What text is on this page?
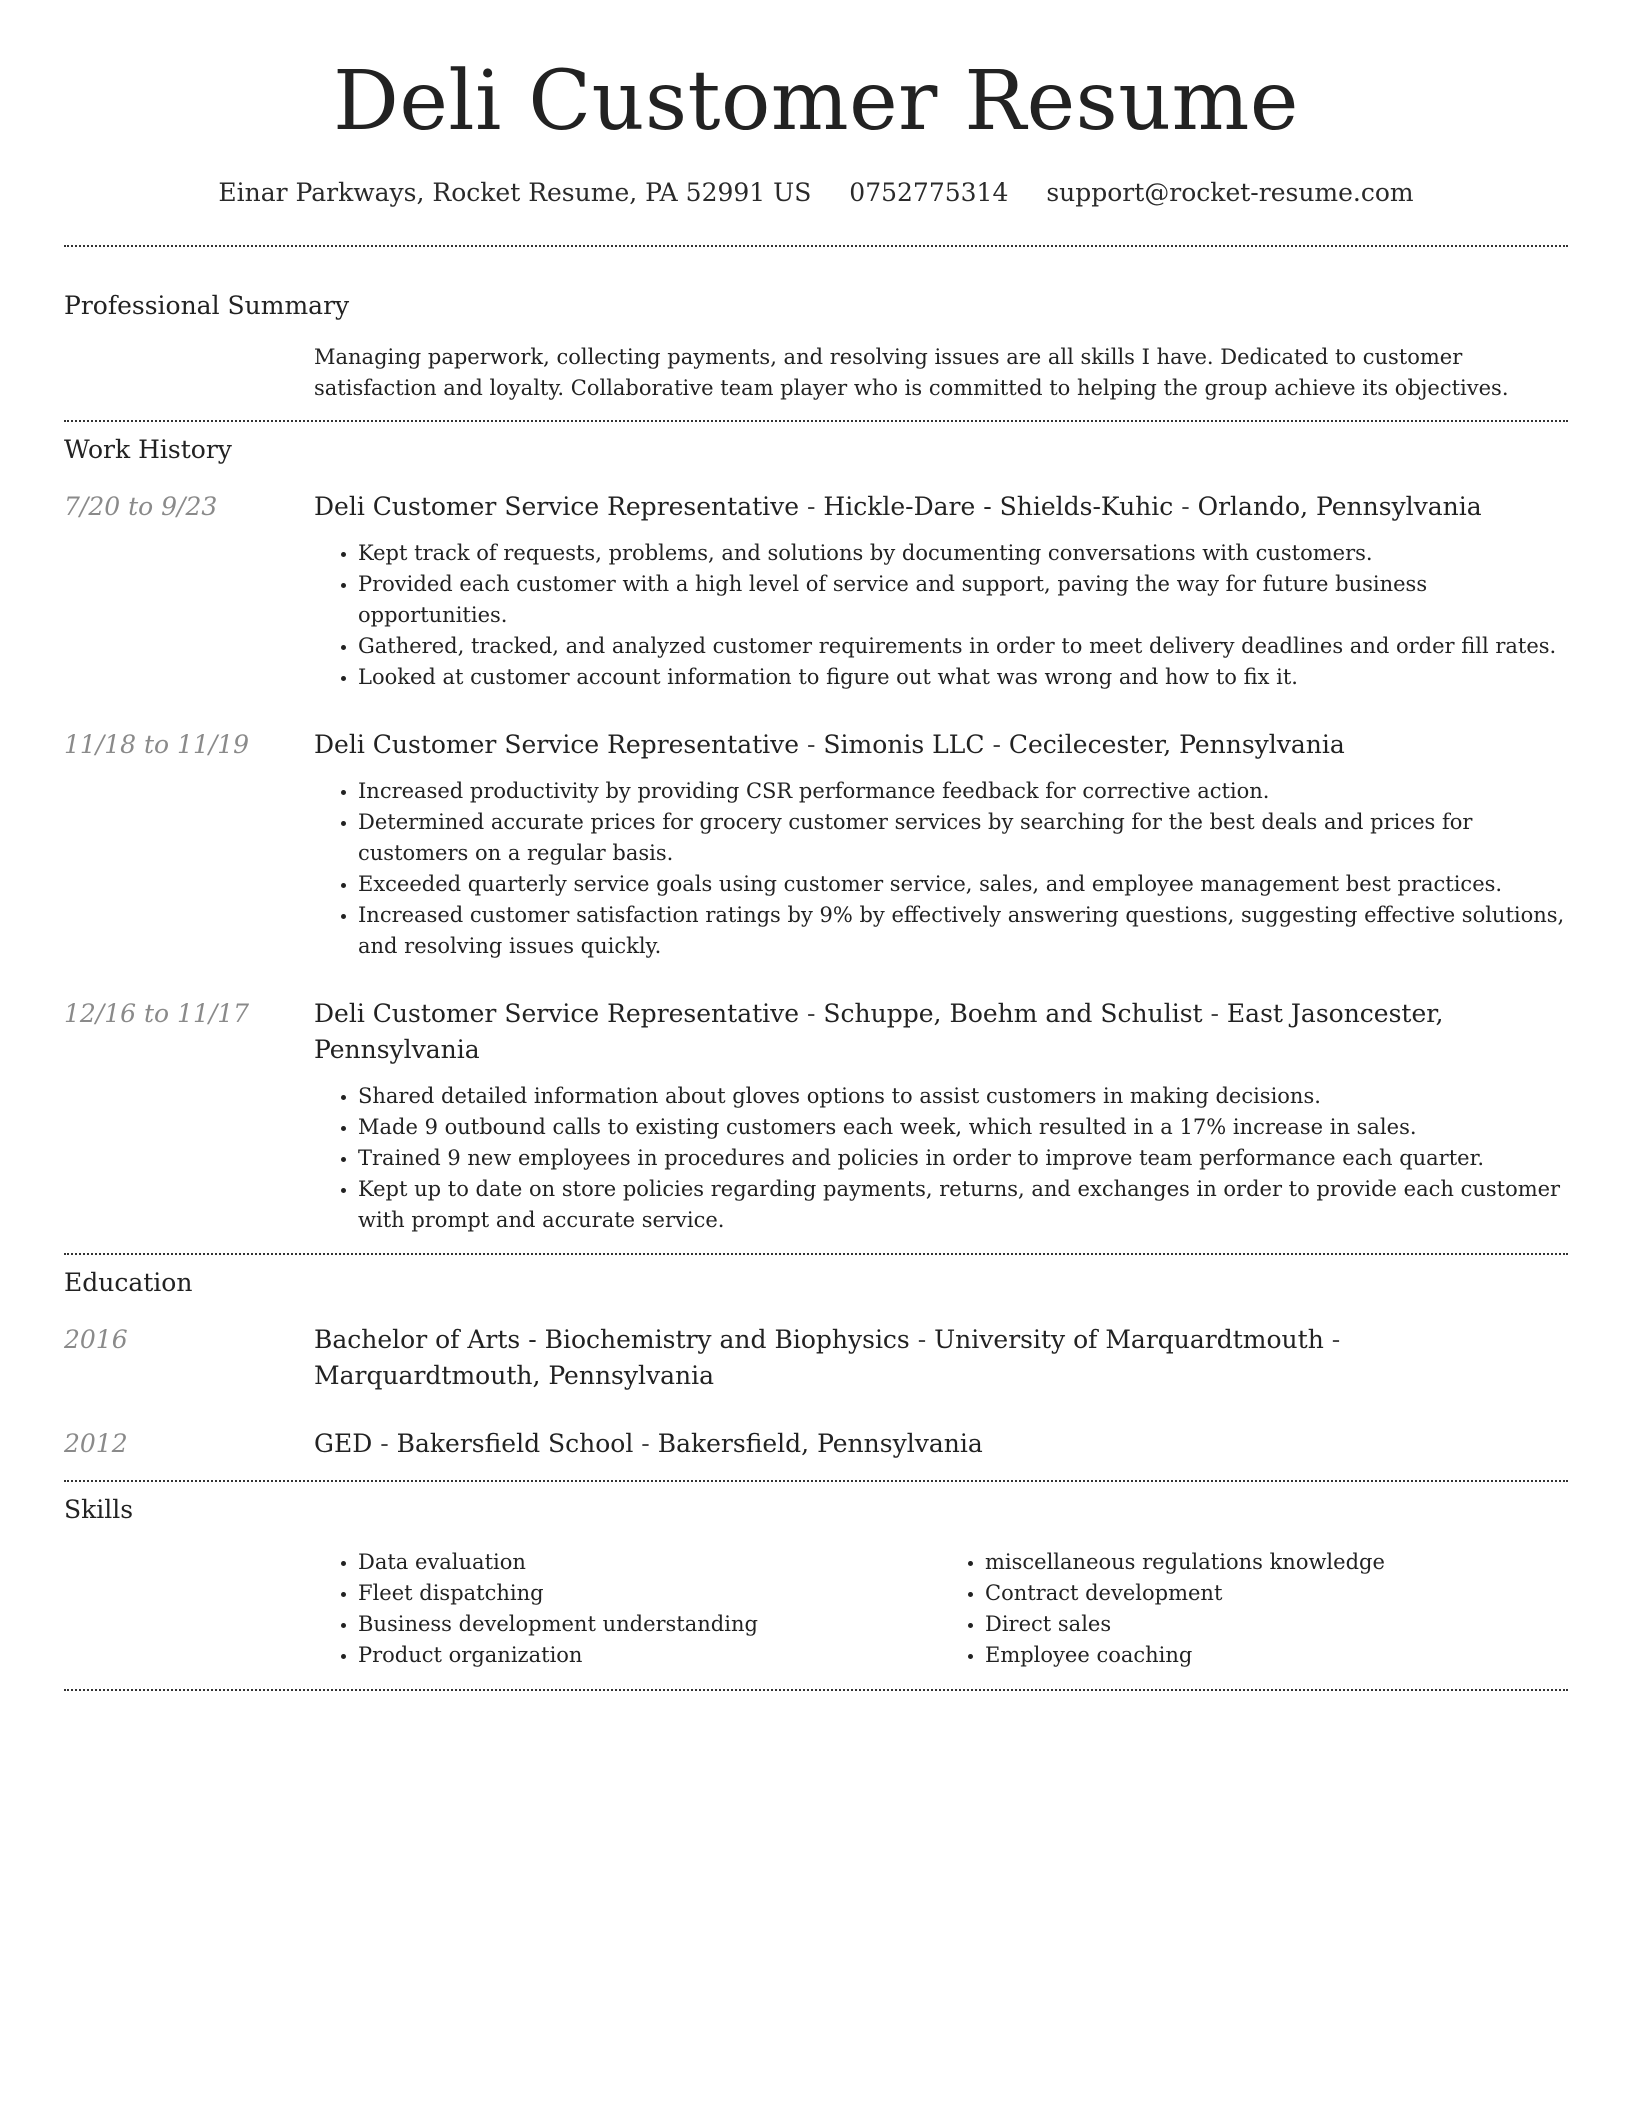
Deli Customer Resume
Einar Parkways, Rocket Resume, PA 52991 US 0752775314 support@rocket-resume.com
Professional Summary
Managing paperwork, collecting payments, and resolving issues are all skills I have. Dedicated to customer satisfaction and loyalty. Collaborative team player who is committed to helping the group achieve its objectives.
Work History
7/20 to 9/23	Deli Customer Service Representative - Hickle-Dare - Shields-Kuhic - Orlando, Pennsylvania
• Kept track of requests, problems, and solutions by documenting conversations with customers.
• Provided each customer with a high level of service and support, paving the way for future business opportunities.
• Gathered, tracked, and analyzed customer requirements in order to meet delivery deadlines and order fill rates.
• Looked at customer account information to figure out what was wrong and how to fix it.
11/18 to 11/19	Deli Customer Service Representative - Simonis LLC - Cecilecester, Pennsylvania
• Increased productivity by providing CSR performance feedback for corrective action.
• Determined accurate prices for grocery customer services by searching for the best deals and prices for customers on a regular basis.
• Exceeded quarterly service goals using customer service, sales, and employee management best practices.
• Increased customer satisfaction ratings by 9% by effectively answering questions, suggesting effective solutions, and resolving issues quickly.
12/16 to 11/17	Deli Customer Service Representative - Schuppe, Boehm and Schulist - East Jasoncester, Pennsylvania
• Shared detailed information about gloves options to assist customers in making decisions.
• Made 9 outbound calls to existing customers each week, which resulted in a 17% increase in sales.
• Trained 9 new employees in procedures and policies in order to improve team performance each quarter.
• Kept up to date on store policies regarding payments, returns, and exchanges in order to provide each customer with prompt and accurate service.
Education
2016	Bachelor of Arts - Biochemistry and Biophysics - University of Marquardtmouth - Marquardtmouth, Pennsylvania
2012	GED - Bakersfield School - Bakersfield, Pennsylvania
Skills
• Data evaluation
• Fleet dispatching
• Business development understanding
• Product organization
• miscellaneous regulations knowledge
• Contract development
• Direct sales
• Employee coaching
